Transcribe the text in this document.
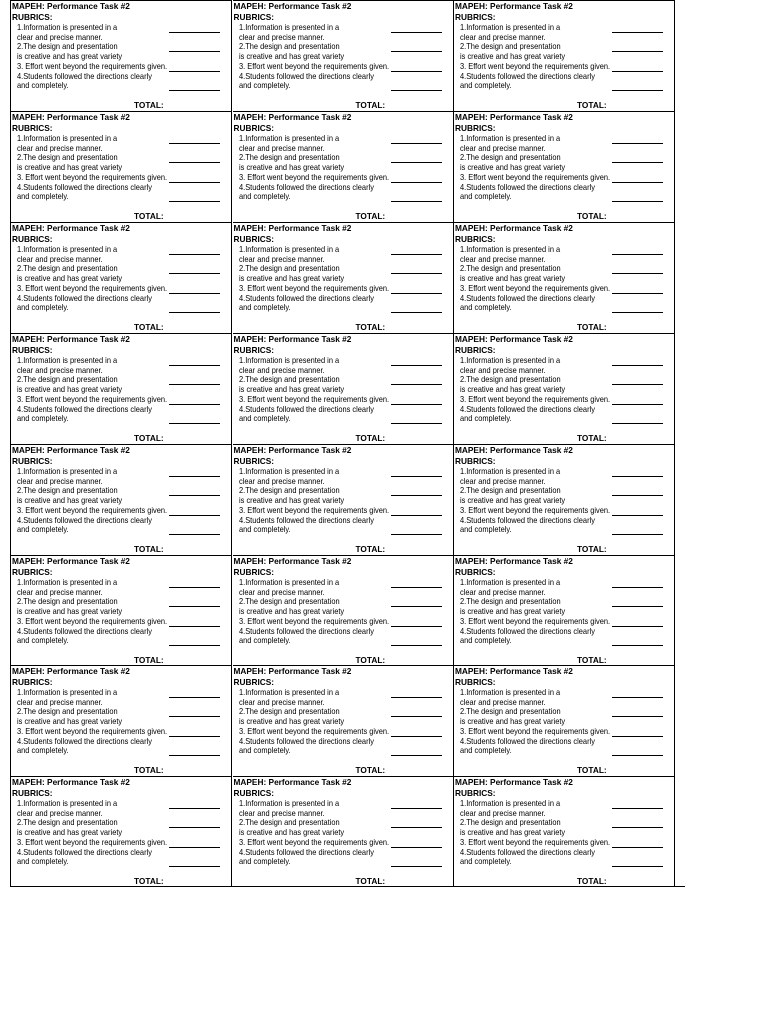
MAPEH: Performance Task #2
RUBRICS:
1.Information is presented in a
clear and precise manner.
2.The design and presentation
is creative and has great variety
3. Effort went beyond the requirements given.
4.Students followed the directions clearly
and completely.
TOTAL:
MAPEH: Performance Task #2
RUBRICS:
1.Information is presented in a
clear and precise manner.
2.The design and presentation
is creative and has great variety
3. Effort went beyond the requirements given.
4.Students followed the directions clearly
and completely.
TOTAL:
MAPEH: Performance Task #2
RUBRICS:
1.Information is presented in a
clear and precise manner.
2.The design and presentation
is creative and has great variety
3. Effort went beyond the requirements given.
4.Students followed the directions clearly
and completely.
TOTAL:
MAPEH: Performance Task #2
RUBRICS:
1.Information is presented in a
clear and precise manner.
2.The design and presentation
is creative and has great variety
3. Effort went beyond the requirements given.
4.Students followed the directions clearly
and completely.
TOTAL:
MAPEH: Performance Task #2
RUBRICS:
1.Information is presented in a
clear and precise manner.
2.The design and presentation
is creative and has great variety
3. Effort went beyond the requirements given.
4.Students followed the directions clearly
and completely.
TOTAL:
MAPEH: Performance Task #2
RUBRICS:
1.Information is presented in a
clear and precise manner.
2.The design and presentation
is creative and has great variety
3. Effort went beyond the requirements given.
4.Students followed the directions clearly
and completely.
TOTAL:
MAPEH: Performance Task #2
RUBRICS:
1.Information is presented in a
clear and precise manner.
2.The design and presentation
is creative and has great variety
3. Effort went beyond the requirements given.
4.Students followed the directions clearly
and completely.
TOTAL:
MAPEH: Performance Task #2
RUBRICS:
1.Information is presented in a
clear and precise manner.
2.The design and presentation
is creative and has great variety
3. Effort went beyond the requirements given.
4.Students followed the directions clearly
and completely.
TOTAL:
MAPEH: Performance Task #2
RUBRICS:
1.Information is presented in a
clear and precise manner.
2.The design and presentation
is creative and has great variety
3. Effort went beyond the requirements given.
4.Students followed the directions clearly
and completely.
TOTAL:
MAPEH: Performance Task #2
RUBRICS:
1.Information is presented in a
clear and precise manner.
2.The design and presentation
is creative and has great variety
3. Effort went beyond the requirements given.
4.Students followed the directions clearly
and completely.
TOTAL:
MAPEH: Performance Task #2
RUBRICS:
1.Information is presented in a
clear and precise manner.
2.The design and presentation
is creative and has great variety
3. Effort went beyond the requirements given.
4.Students followed the directions clearly
and completely.
TOTAL:
MAPEH: Performance Task #2
RUBRICS:
1.Information is presented in a
clear and precise manner.
2.The design and presentation
is creative and has great variety
3. Effort went beyond the requirements given.
4.Students followed the directions clearly
and completely.
TOTAL:
MAPEH: Performance Task #2
RUBRICS:
1.Information is presented in a
clear and precise manner.
2.The design and presentation
is creative and has great variety
3. Effort went beyond the requirements given.
4.Students followed the directions clearly
and completely.
TOTAL:
MAPEH: Performance Task #2
RUBRICS:
1.Information is presented in a
clear and precise manner.
2.The design and presentation
is creative and has great variety
3. Effort went beyond the requirements given.
4.Students followed the directions clearly
and completely.
TOTAL:
MAPEH: Performance Task #2
RUBRICS:
1.Information is presented in a
clear and precise manner.
2.The design and presentation
is creative and has great variety
3. Effort went beyond the requirements given.
4.Students followed the directions clearly
and completely.
TOTAL:
MAPEH: Performance Task #2
RUBRICS:
1.Information is presented in a
clear and precise manner.
2.The design and presentation
is creative and has great variety
3. Effort went beyond the requirements given.
4.Students followed the directions clearly
and completely.
TOTAL:
MAPEH: Performance Task #2
RUBRICS:
1.Information is presented in a
clear and precise manner.
2.The design and presentation
is creative and has great variety
3. Effort went beyond the requirements given.
4.Students followed the directions clearly
and completely.
TOTAL:
MAPEH: Performance Task #2
RUBRICS:
1.Information is presented in a
clear and precise manner.
2.The design and presentation
is creative and has great variety
3. Effort went beyond the requirements given.
4.Students followed the directions clearly
and completely.
TOTAL:
MAPEH: Performance Task #2
RUBRICS:
1.Information is presented in a
clear and precise manner.
2.The design and presentation
is creative and has great variety
3. Effort went beyond the requirements given.
4.Students followed the directions clearly
and completely.
TOTAL:
MAPEH: Performance Task #2
RUBRICS:
1.Information is presented in a
clear and precise manner.
2.The design and presentation
is creative and has great variety
3. Effort went beyond the requirements given.
4.Students followed the directions clearly
and completely.
TOTAL:
MAPEH: Performance Task #2
RUBRICS:
1.Information is presented in a
clear and precise manner.
2.The design and presentation
is creative and has great variety
3. Effort went beyond the requirements given.
4.Students followed the directions clearly
and completely.
TOTAL:
MAPEH: Performance Task #2
RUBRICS:
1.Information is presented in a
clear and precise manner.
2.The design and presentation
is creative and has great variety
3. Effort went beyond the requirements given.
4.Students followed the directions clearly
and completely.
TOTAL:
MAPEH: Performance Task #2
RUBRICS:
1.Information is presented in a
clear and precise manner.
2.The design and presentation
is creative and has great variety
3. Effort went beyond the requirements given.
4.Students followed the directions clearly
and completely.
TOTAL:
MAPEH: Performance Task #2
RUBRICS:
1.Information is presented in a
clear and precise manner.
2.The design and presentation
is creative and has great variety
3. Effort went beyond the requirements given.
4.Students followed the directions clearly
and completely.
TOTAL:
